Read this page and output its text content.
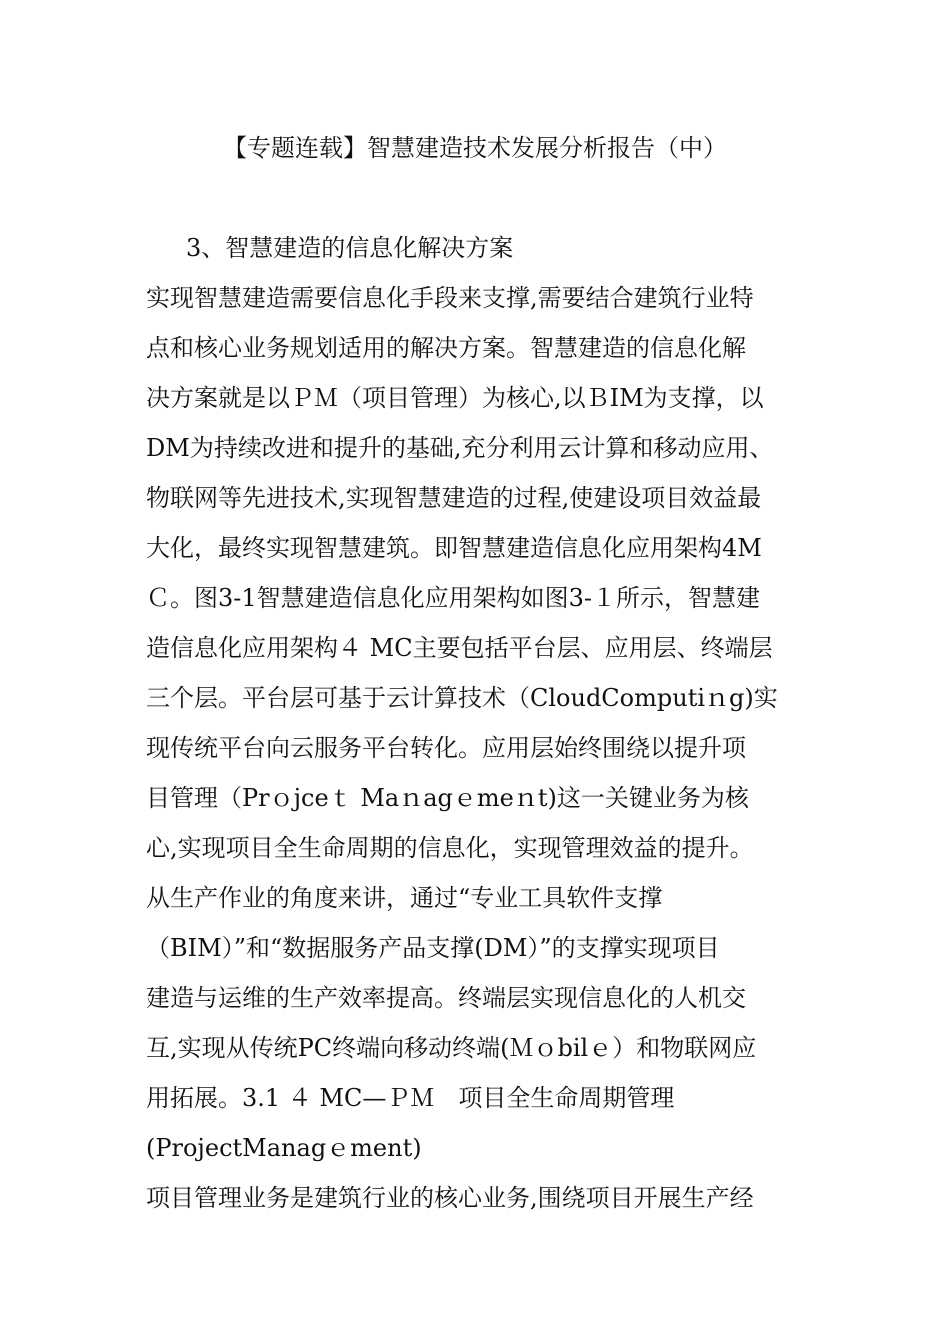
【专题连载】智慧建造技术发展分析报告（中）
3、智慧建造的信息化解决方案
实现智慧建造需要信息化手段来支撑,需要结合建筑行业特
点和核心业务规划适用的解决方案。智慧建造的信息化解
决方案就是以ＰＭ（项目管理）为核心,以ＢIM为支撑，以
DM为持续改进和提升的基础,充分利用云计算和移动应用、
物联网等先进技术,实现智慧建造的过程,使建设项目效益最
大化，最终实现智慧建筑。即智慧建造信息化应用架构4M
Ｃ。图3-1智慧建造信息化应用架构如图3-１所示，智慧建
造信息化应用架构４ MC主要包括平台层、应用层、终端层
三个层。平台层可基于云计算技术（CloudComputiｎg)实
现传统平台向云服务平台转化。应用层始终围绕以提升项
目管理（Prｏjceｔ Maｎagｅmeｎt)这一关键业务为核
心,实现项目全生命周期的信息化，实现管理效益的提升。
从生产作业的角度来讲，通过“专业工具软件支撑
（BIM）”和“数据服务产品支撑(DM）”的支撑实现项目
建造与运维的生产效率提高。终端层实现信息化的人机交
互,实现从传统PC终端向移动终端(Ｍｏbilｅ）和物联网应
用拓展。3.1 ４ MC—ＰＭ　项目全生命周期管理
(ProjectManagｅment)
项目管理业务是建筑行业的核心业务,围绕项目开展生产经
